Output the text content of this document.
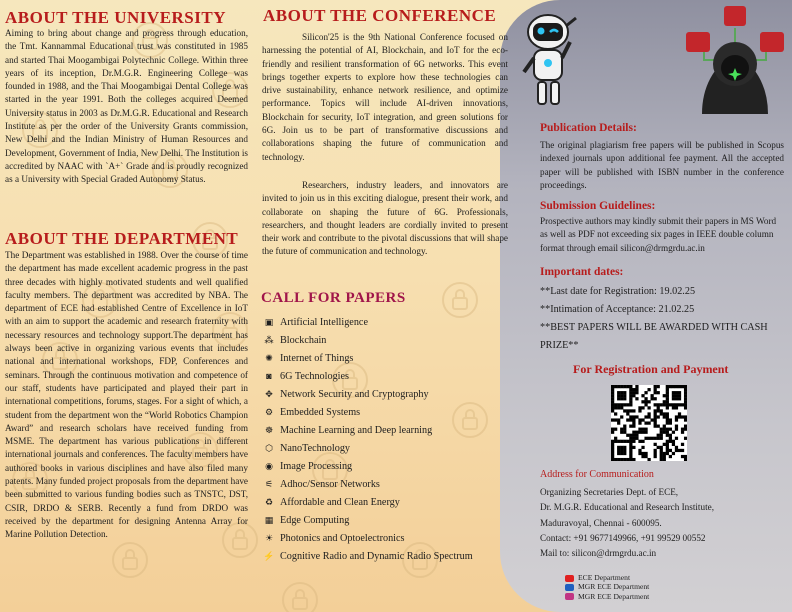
ABOUT THE UNIVERSITY

Aiming to bring about change and progress through education, the Tmt. Kannammal Educational trust was constituted in 1985 and started Thai Moogambigai Polytechnic College. Within three years of its inception, Dr.M.G.R. Engineering College was founded in 1988, and the Thai Moogambigai Dental College was started in the year 1991. Both the colleges acquired Deemed University status in 2003 as Dr.M.G.R. Educational and Research Institute as per the order of the University Grants commission, New Delhi and the Indian Ministry of Human Resources and Development, Government of India, New Delhi. The Institution is accredited by NAAC with `A+` Grade and is proudly recognized as a University with Special Graded Autonomy Status.

ABOUT THE DEPARTMENT

The Department was established in 1988. Over the course of time the department has made excellent academic progress in the past three decades with highly motivated students and well qualified faculty members. The department was accredited by NBA. The department of ECE had established Centre of Excellence in IoT with an aim to support the academic and research fraternity with necessary resources and technology support.The department has always been active in organizing various events that includes national and international workshops, FDP, Conferences and seminars. Through the continuous motivation and competence of our staff, students have participated and played their part in international competitions, forums, stages. For a sight of which, a student from the department won the “World Robotics Champion Award” and research scholars have received funding from MSME. The department has various publications in different international journals and conferences. The faculty members have authored books in various disciplines and have also filed many patents. Many funded project proposals from the department have been submitted to various funding bodies such as TNSTC, DST, CSIR, DRDO & SERB. Recently a fund from DRDO was received by the department for designing Antenna Array for Marine Pollution Detection.

ABOUT THE CONFERENCE

Silicon'25 is the 9th National Conference focused on harnessing the potential of AI, Blockchain, and IoT for the eco-friendly and resilient transformation of 6G networks. This event brings together experts to explore how these technologies can drive sustainability, enhance network resilience, and optimize performance. Topics will include AI-driven innovations, Blockchain for security, IoT integration, and green solutions for 6G. Join us to be part of transformative discussions and collaborations shaping the future of communication and technology.

Researchers, industry leaders, and innovators are invited to join us in this exciting dialogue, present their work, and collaborate on shaping the future of 6G. Professionals, researchers, and thought leaders are cordially invited to present their work and contribute to the pivotal discussions that will shape the future of communication and technology.

CALL FOR PAPERS
▣ Artificial Intelligence
⁂ Blockchain
✺ Internet of Things
◙ 6G Technologies
✥ Network Security and Cryptography
⚙ Embedded Systems
☸ Machine Learning and Deep learning
⬡ NanoTechnology
◉ Image Processing
⚟ Adhoc/Sensor Networks
♻ Affordable and Clean Energy
▦ Edge Computing
☀ Photonics and Optoelectronics
⚡ Cognitive Radio and Dynamic Radio Spectrum
Publication Details:

The original plagiarism free papers will be published in Scopus indexed journals upon additional fee payment. All the accepted paper will be published with ISBN number in the conference proceedings.

Submission Guidelines:

Prospective authors may kindly submit their papers in MS Word as well as PDF not exceeding six pages in IEEE double column format through email silicon@drmgrdu.ac.in

Important dates:
**Last date for Registration: 19.02.25
**Intimation of Acceptance: 21.02.25
**BEST PAPERS WILL BE AWARDED WITH CASH PRIZE**
For Registration and Payment
Address for Communication
Organizing Secretaries Dept. of ECE,
Dr. M.G.R. Educational and Research Institute,
Maduravoyal, Chennai - 600095.
Contact: +91 9677149966, +91 99529 00552
Mail to: silicon@drmgrdu.ac.in
ECE Department
MGR ECE Department
MGR ECE Department
